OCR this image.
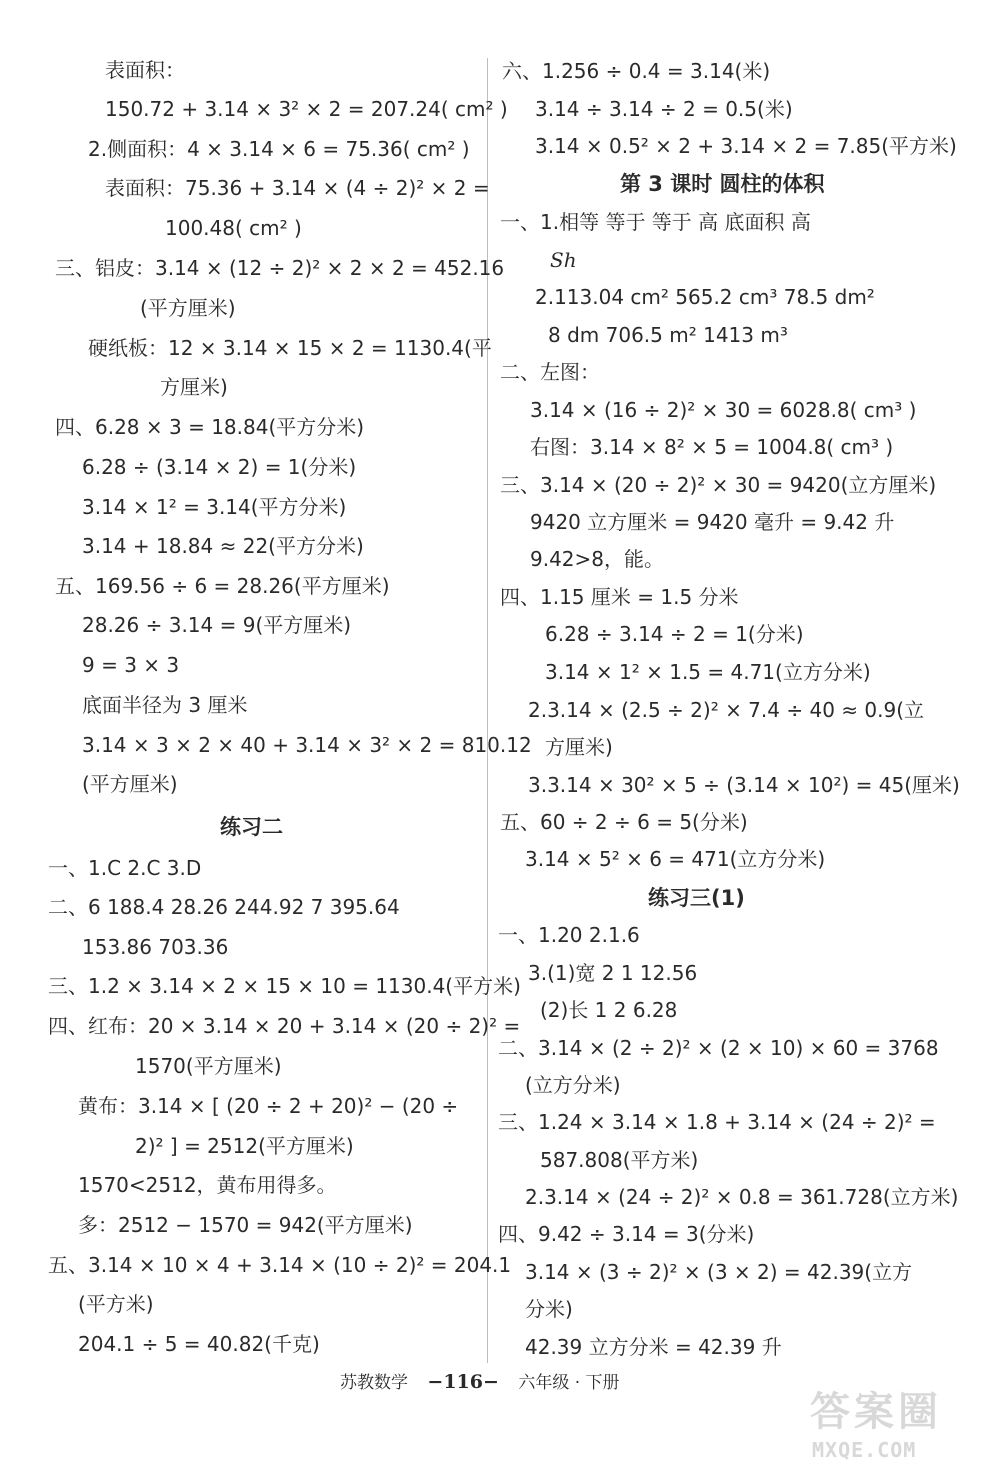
表面积：
150.72 + 3.14 × 3² × 2 = 207.24( cm² )
2.侧面积：4 × 3.14 × 6 = 75.36( cm² )
表面积：75.36 + 3.14 × (4 ÷ 2)² × 2 =
100.48( cm² )
三、铝皮：3.14 × (12 ÷ 2)² × 2 × 2 = 452.16
(平方厘米)
硬纸板：12 × 3.14 × 15 × 2 = 1130.4(平
方厘米)
四、6.28 × 3 = 18.84(平方分米)
6.28 ÷ (3.14 × 2) = 1(分米)
3.14 × 1² = 3.14(平方分米)
3.14 + 18.84 ≈ 22(平方分米)
五、169.56 ÷ 6 = 28.26(平方厘米)
28.26 ÷ 3.14 = 9(平方厘米)
9 = 3 × 3
底面半径为 3 厘米
3.14 × 3 × 2 × 40 + 3.14 × 3² × 2 = 810.12
(平方厘米)
练习二
一、1.C 2.C 3.D
二、6 188.4 28.26 244.92 7 395.64
153.86 703.36
三、1.2 × 3.14 × 2 × 15 × 10 = 1130.4(平方米)
四、红布：20 × 3.14 × 20 + 3.14 × (20 ÷ 2)² =
1570(平方厘米)
黄布：3.14 × [ (20 ÷ 2 + 20)² − (20 ÷
2)² ] = 2512(平方厘米)
1570<2512，黄布用得多。
多：2512 − 1570 = 942(平方厘米)
五、3.14 × 10 × 4 + 3.14 × (10 ÷ 2)² = 204.1
(平方米)
204.1 ÷ 5 = 40.82(千克)
六、1.256 ÷ 0.4 = 3.14(米)
3.14 ÷ 3.14 ÷ 2 = 0.5(米)
3.14 × 0.5² × 2 + 3.14 × 2 = 7.85(平方米)
第 3 课时 圆柱的体积
一、1.相等 等于 等于 高 底面积 高
Sh
2.113.04 cm² 565.2 cm³ 78.5 dm²
8 dm 706.5 m² 1413 m³
二、左图：
3.14 × (16 ÷ 2)² × 30 = 6028.8( cm³ )
右图：3.14 × 8² × 5 = 1004.8( cm³ )
三、3.14 × (20 ÷ 2)² × 30 = 9420(立方厘米)
9420 立方厘米 = 9420 毫升 = 9.42 升
9.42>8，能。
四、1.15 厘米 = 1.5 分米
6.28 ÷ 3.14 ÷ 2 = 1(分米)
3.14 × 1² × 1.5 = 4.71(立方分米)
2.3.14 × (2.5 ÷ 2)² × 7.4 ÷ 40 ≈ 0.9(立
方厘米)
3.3.14 × 30² × 5 ÷ (3.14 × 10²) = 45(厘米)
五、60 ÷ 2 ÷ 6 = 5(分米)
3.14 × 5² × 6 = 471(立方分米)
练习三(1)
一、1.20 2.1.6
3.(1)宽 2 1 12.56
(2)长 1 2 6.28
二、3.14 × (2 ÷ 2)² × (2 × 10) × 60 = 3768
(立方分米)
三、1.24 × 3.14 × 1.8 + 3.14 × (24 ÷ 2)² =
587.808(平方米)
2.3.14 × (24 ÷ 2)² × 0.8 = 361.728(立方米)
四、9.42 ÷ 3.14 = 3(分米)
3.14 × (3 ÷ 2)² × (3 × 2) = 42.39(立方
分米)
42.39 立方分米 = 42.39 升
苏教数学 −116− 六年级 · 下册
答案圈
MXQE.COM
